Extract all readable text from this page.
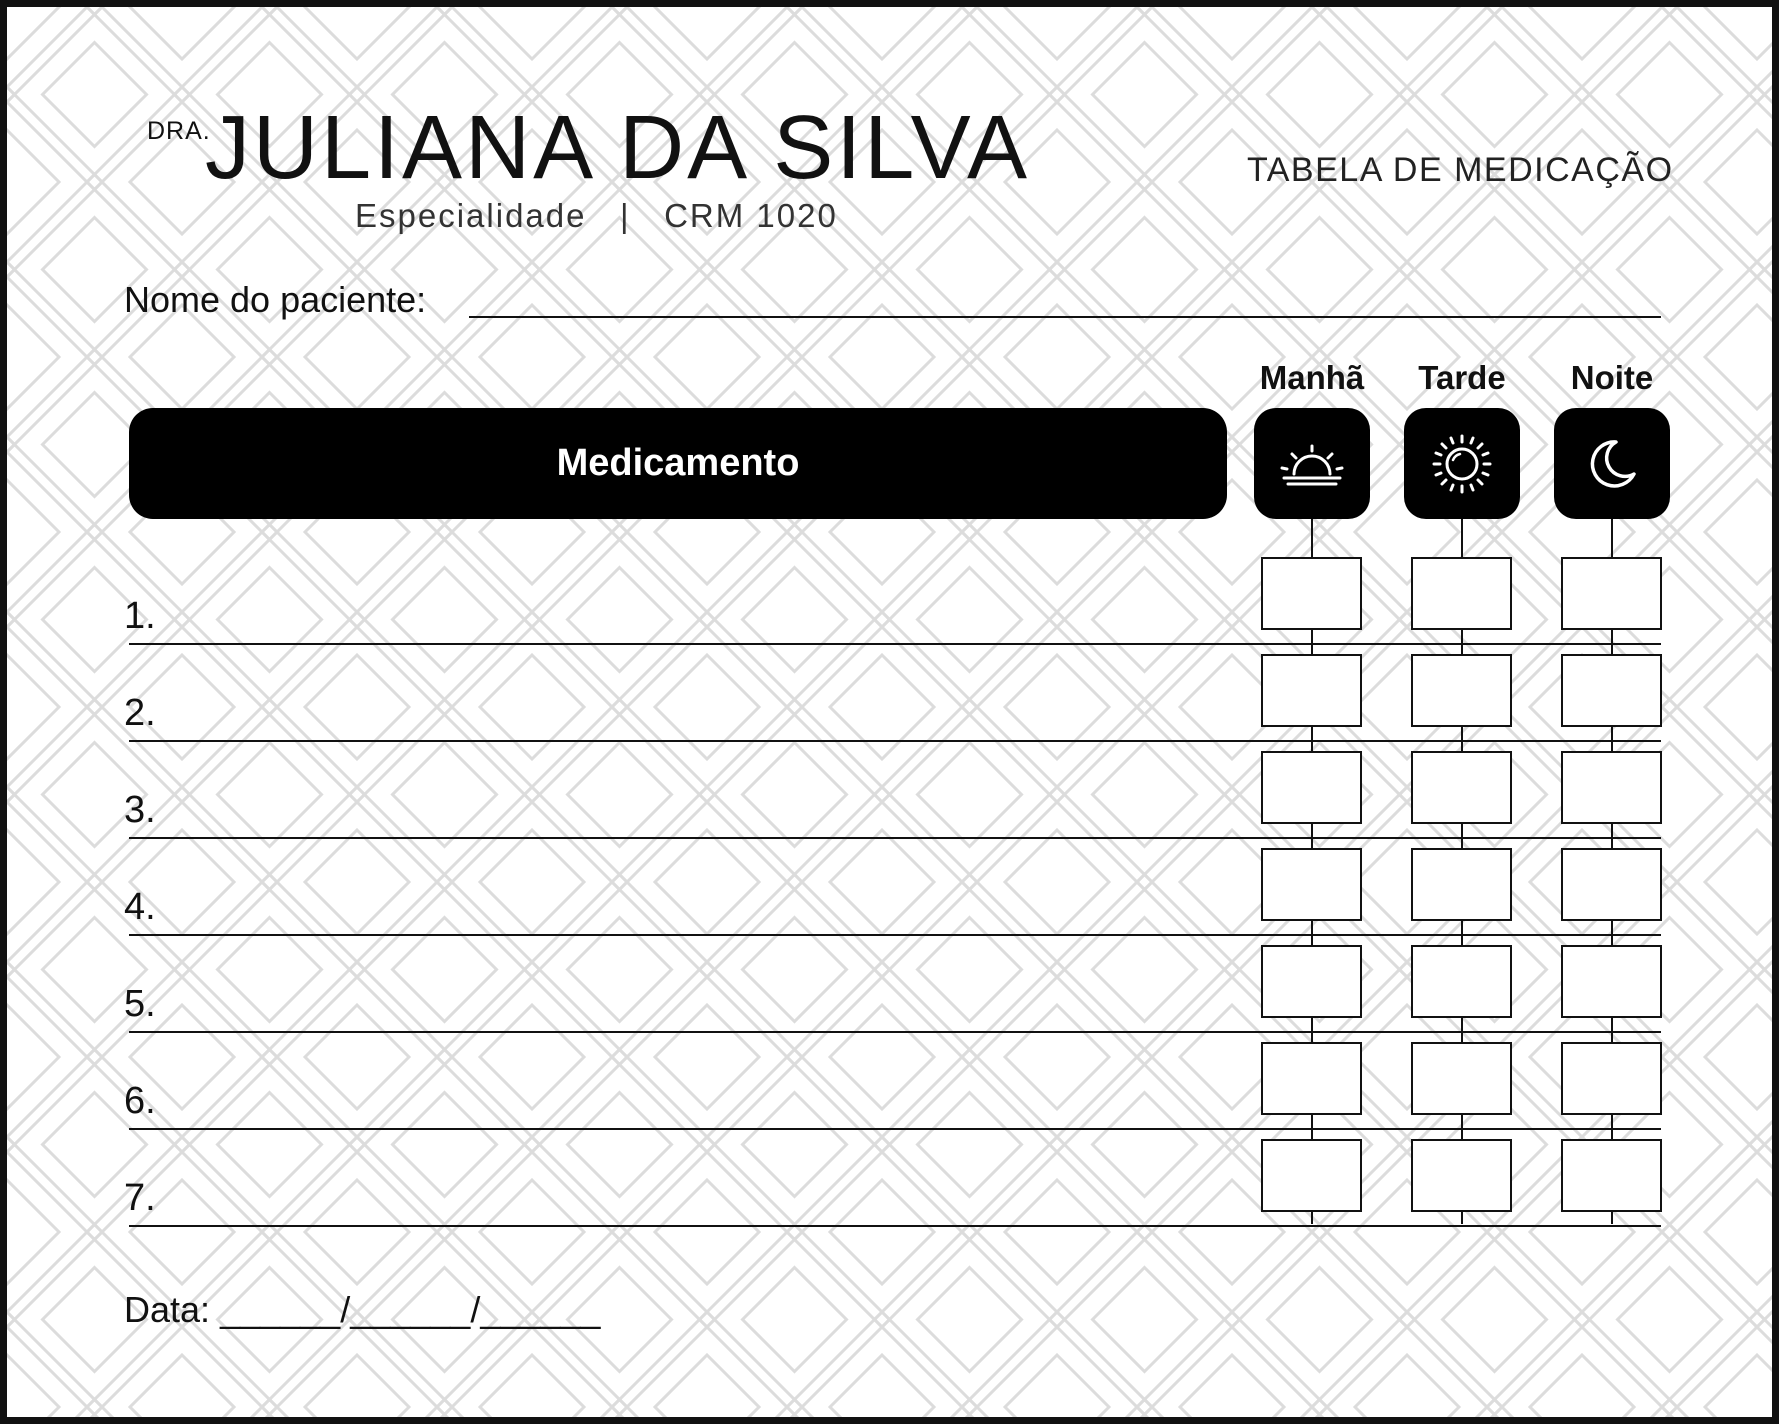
DRA.
JULIANA DA SILVA
Especialidade | CRM 1020
TABELA DE MEDICAÇÃO
Nome do paciente:
Medicamento
Manhã	Tarde	Noite
1.
2.
3.
4.
5.
6.
7.
Data: ______/______/______
